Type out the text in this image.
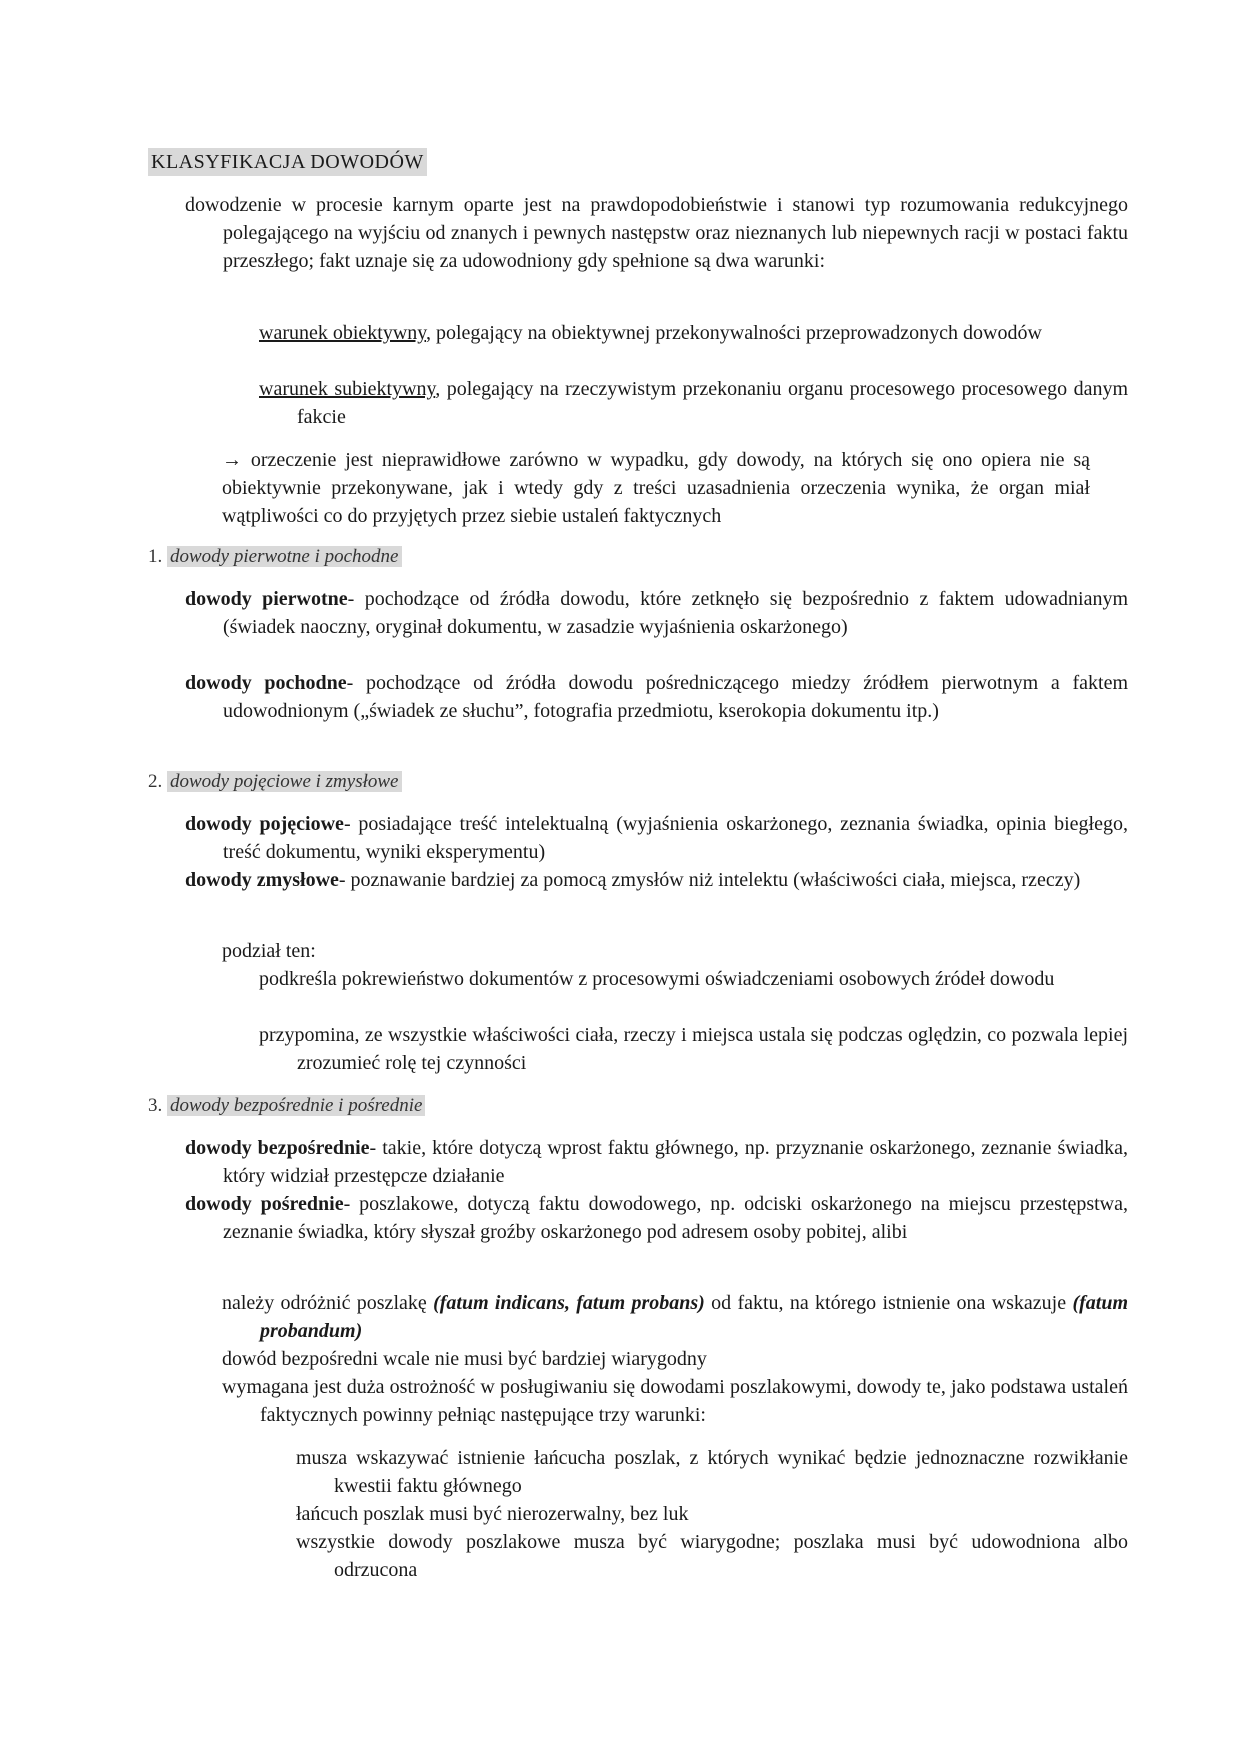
KLASYFIKACJA DOWODÓW
dowodzenie w procesie karnym oparte jest na prawdopodobieństwie i stanowi typ rozumowania redukcyjnego polegającego na wyjściu od znanych i pewnych następstw oraz nieznanych lub niepewnych racji w postaci faktu przeszłego; fakt uznaje się za udowodniony gdy spełnione są dwa warunki:
warunek obiektywny, polegający na obiektywnej przekonywalności przeprowadzonych dowodów
warunek subiektywny, polegający na rzeczywistym przekonaniu organu procesowego procesowego danym fakcie
→ orzeczenie jest nieprawidłowe zarówno w wypadku, gdy dowody, na których się ono opiera nie są obiektywnie przekonywane, jak i wtedy gdy z treści uzasadnienia orzeczenia wynika, że organ miał wątpliwości co do przyjętych przez siebie ustaleń faktycznych
1. dowody pierwotne i pochodne
dowody pierwotne- pochodzące od źródła dowodu, które zetknęło się bezpośrednio z faktem udowadnianym (świadek naoczny, oryginał dokumentu, w zasadzie wyjaśnienia oskarżonego)
dowody pochodne- pochodzące od źródła dowodu pośredniczącego miedzy źródłem pierwotnym a faktem udowodnionym („świadek ze słuchu”, fotografia przedmiotu, kserokopia dokumentu itp.)
2. dowody pojęciowe i zmysłowe
dowody pojęciowe- posiadające treść intelektualną (wyjaśnienia oskarżonego, zeznania świadka, opinia biegłego, treść dokumentu, wyniki eksperymentu)
dowody zmysłowe- poznawanie bardziej za pomocą zmysłów niż intelektu (właściwości ciała, miejsca, rzeczy)
podział ten:
podkreśla pokrewieństwo dokumentów z procesowymi oświadczeniami osobowych źródeł dowodu
przypomina, ze wszystkie właściwości ciała, rzeczy i miejsca ustala się podczas oględzin, co pozwala lepiej zrozumieć rolę tej czynności
3. dowody bezpośrednie i pośrednie
dowody bezpośrednie- takie, które dotyczą wprost faktu głównego, np. przyznanie oskarżonego, zeznanie świadka, który widział przestępcze działanie
dowody pośrednie- poszlakowe, dotyczą faktu dowodowego, np. odciski oskarżonego na miejscu przestępstwa, zeznanie świadka, który słyszał groźby oskarżonego pod adresem osoby pobitej, alibi
należy odróżnić poszlakę (fatum indicans, fatum probans) od faktu, na którego istnienie ona wskazuje (fatum probandum)
dowód bezpośredni wcale nie musi być bardziej wiarygodny
wymagana jest duża ostrożność w posługiwaniu się dowodami poszlakowymi, dowody te, jako podstawa ustaleń faktycznych powinny pełniąc następujące trzy warunki:
musza wskazywać istnienie łańcucha poszlak, z których wynikać będzie jednoznaczne rozwikłanie kwestii faktu głównego
łańcuch poszlak musi być nierozerwalny, bez luk
wszystkie dowody poszlakowe musza być wiarygodne; poszlaka musi być udowodniona albo odrzucona
